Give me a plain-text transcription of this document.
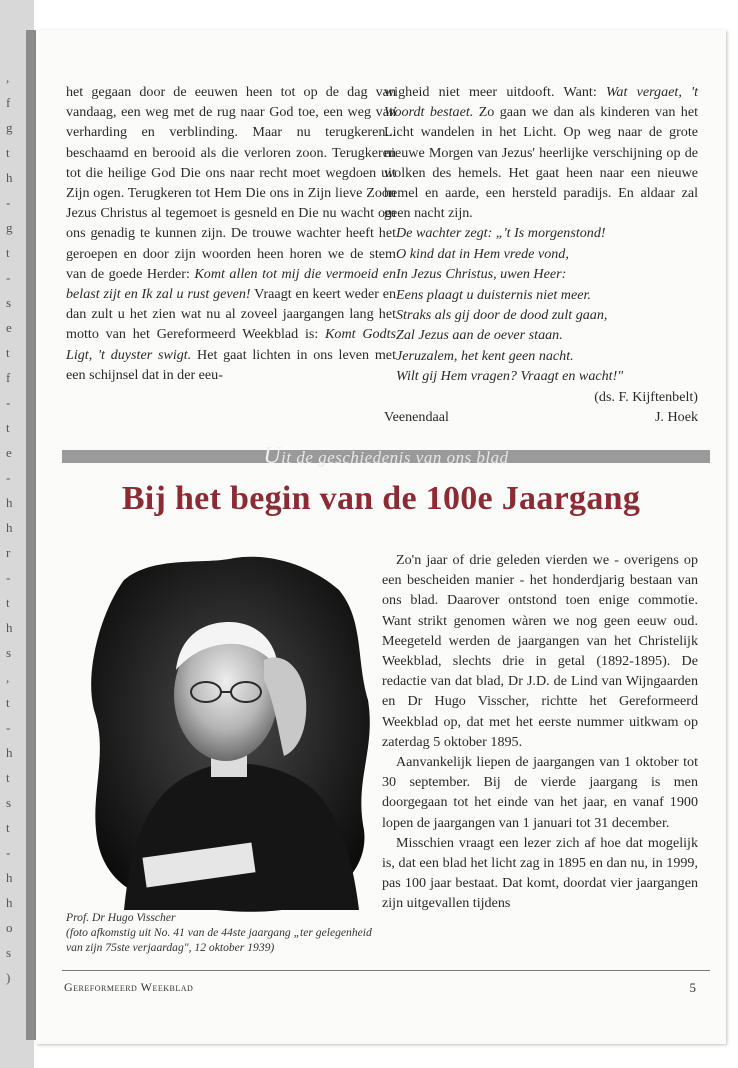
,
f
g
t
h
-
g
t
-
s
e
t
f
-
t
e
-
h
h
r
-
t
h
s
,
t
-
h
t
s
t
-
h
h
o
s
)

het gegaan door de eeuwen heen tot op de dag van vandaag, een weg met de rug naar God toe, een weg van verharding en verblinding. Maar nu terugkeren... beschaamd en berooid als die verloren zoon. Terugkeren tot die heilige God Die ons naar recht moet wegdoen uit Zijn ogen. Terugkeren tot Hem Die ons in Zijn lieve Zoon Jezus Christus al tegemoet is gesneld en Die nu wacht om ons genadig te kunnen zijn. De trouwe wachter heeft het geroepen en door zijn woorden heen horen we de stem van de goede Herder: Komt allen tot mij die vermoeid en belast zijt en Ik zal u rust geven! Vraagt en keert weder en dan zult u het zien wat nu al zoveel jaargangen lang het motto van het Gereformeerd Weekblad is: Komt Godts Ligt, 't duyster swigt. Het gaat lichten in ons leven met een schijnsel dat in der eeu-

wigheid niet meer uitdooft. Want: Wat vergaet, 't Woordt bestaet. Zo gaan we dan als kinderen van het Licht wandelen in het Licht. Op weg naar de grote nieuwe Morgen van Jezus' heerlijke verschijning op de wolken des hemels. Het gaat heen naar een nieuwe hemel en aarde, een hersteld paradijs. En aldaar zal geen nacht zijn.

De wachter zegt: „'t Is morgenstond!
O kind dat in Hem vrede vond,
In Jezus Christus, uwen Heer:
Eens plaagt u duisternis niet meer.
Straks als gij door de dood zult gaan,
Zal Jezus aan de oever staan.
Jeruzalem, het kent geen nacht.
Wilt gij Hem vragen? Vraagt en wacht!"
(ds. F. Kijftenbelt)
Veenendaal	J. Hoek
Uit de geschiedenis van ons blad
Bij het begin van de 100e Jaargang
Prof. Dr Hugo Visscher
(foto afkomstig uit No. 41 van de 44ste jaargang „ter gelegenheid van zijn 75ste verjaardag", 12 oktober 1939)

Zo'n jaar of drie geleden vierden we - overigens op een bescheiden manier - het honderdjarig bestaan van ons blad. Daarover ontstond toen enige commotie. Want strikt genomen wàren we nog geen eeuw oud. Meegeteld werden de jaargangen van het Christelijk Weekblad, slechts drie in getal (1892-1895). De redactie van dat blad, Dr J.D. de Lind van Wijngaarden en Dr Hugo Visscher, richtte het Gereformeerd Weekblad op, dat met het eerste nummer uitkwam op zaterdag 5 oktober 1895.

Aanvankelijk liepen de jaargangen van 1 oktober tot 30 september. Bij de vierde jaargang is men doorgegaan tot het einde van het jaar, en vanaf 1900 lopen de jaargangen van 1 januari tot 31 december.

Misschien vraagt een lezer zich af hoe dat mogelijk is, dat een blad het licht zag in 1895 en dan nu, in 1999, pas 100 jaar bestaat. Dat komt, doordat vier jaargangen zijn uitgevallen tijdens

Gereformeerd Weekblad	5
